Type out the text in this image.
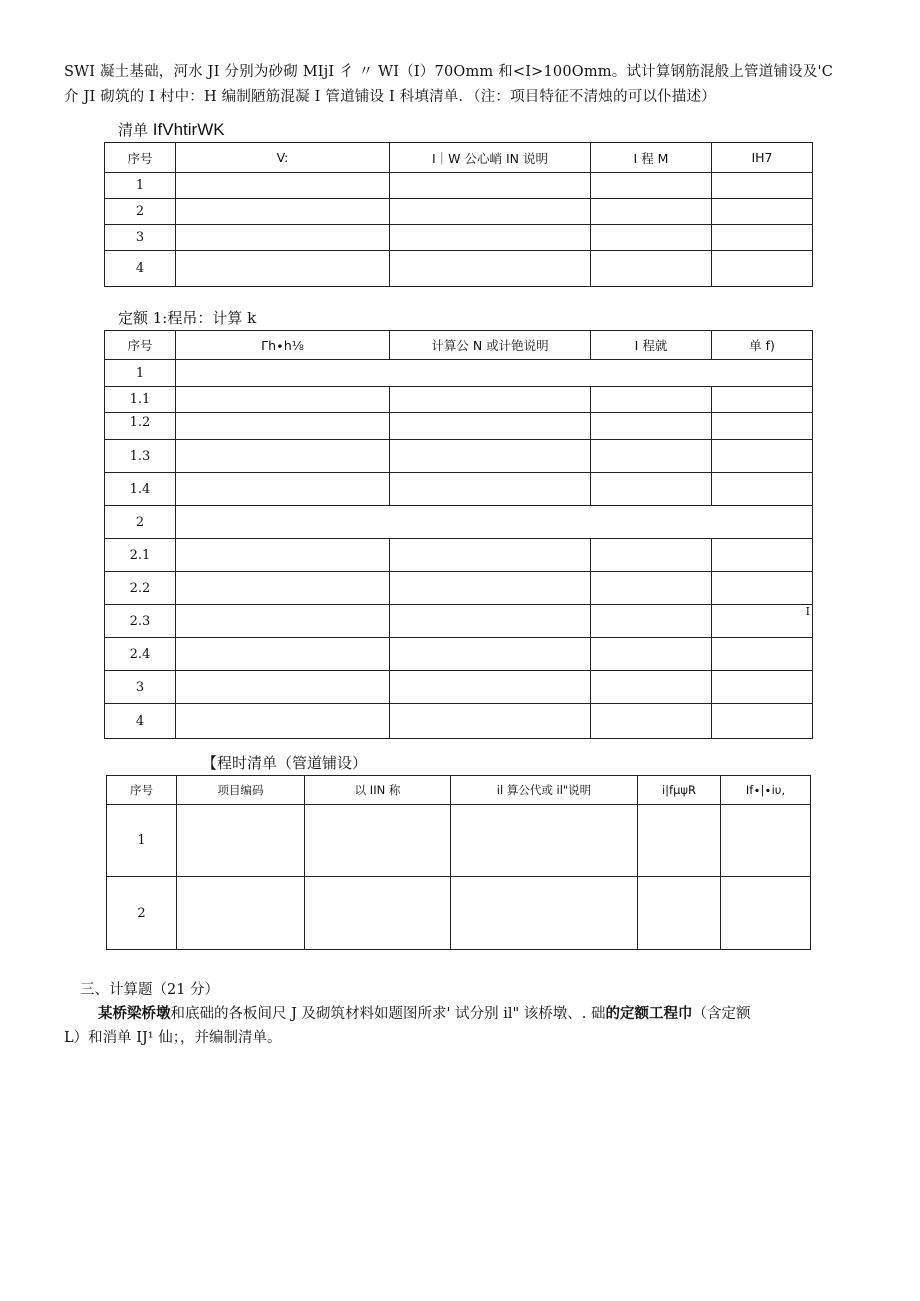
SWI 凝土基础，河水 JI 分别为砂砌 MIjI 彳 〃 WI（I）70Omm 和<I>100Omm。试计算钢筋混般上管道铺设及'C
介 JI 砌筑的 I 村中：H 编制陋筋混凝 I 管道铺设 I 科填清单．（注：项目特征不清烛的可以仆描述）
清单 IfVhtirWK
序号	V:	I｜W 公心峭 IN 说明	I 程 M	IH7
1				
2				
3				
4				
定额 1:程吊：计算 k
序号	Γh∙h⅛	计算公 N 或计铯说明	I 程就	单 f)
1				
1.1				
1.2				
1.3				
1.4				
2				
2.1				
2.2				
2.3				I
2.4				
3				
4				
【程时清单（管道铺设）
序号	项目编码	以 IIN 称	il 算公代或 il"说明	i|fμψR	If∙|∙iυ,
1					
2					
三、计算题（21 分）
某桥梁桥墩和底础的各板间尺 J 及砌筑材料如题图所求' 试分别 il" 该桥墩、. 础的定额工程巾（含定额
L）和消单 IJ¹ 仙；，并编制清单。
